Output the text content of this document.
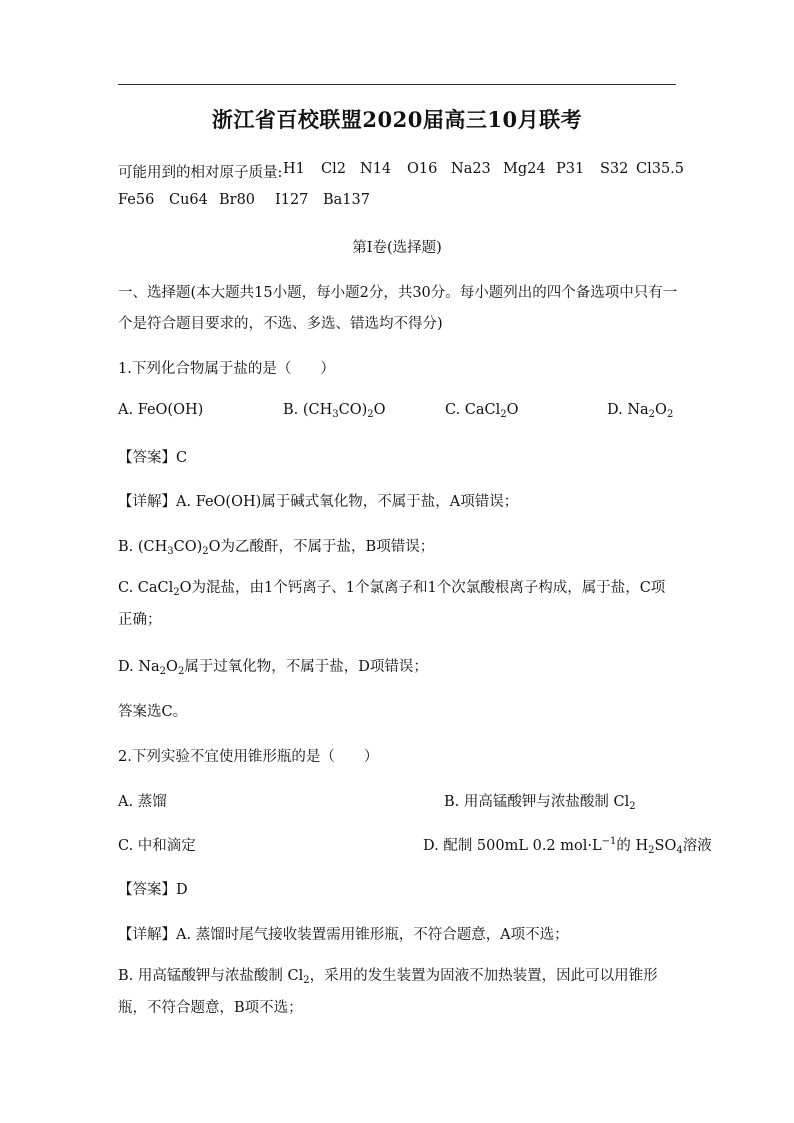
浙江省百校联盟2020届高三10月联考
可能用到的相对原子质量: H1 Cl2 N14 O16 Na23 Mg24 P31 S32 Cl35.5
Fe56 Cu64 Br80 I127 Ba137
第I卷(选择题)
一、选择题(本大题共15小题，每小题2分，共30分。每小题列出的四个备选项中只有一
个是符合题目要求的，不选、多选、错选均不得分)
1.下列化合物属于盐的是（　　）
A. FeO(OH)	B. $(CH_3CO)_2O$	C. CaCl$_2$O	D. $Na_2O_2$
【答案】C
【详解】A. FeO(OH)属于碱式氧化物，不属于盐，A项错误；
B. $(CH_3CO)_2O$为乙酸酐，不属于盐，B项错误；
C. CaCl$_2$O为混盐，由1个钙离子、1个氯离子和1个次氯酸根离子构成，属于盐，C项正确；
D. $Na_2O_2$属于过氧化物，不属于盐，D项错误；
答案选C。
2.下列实验不宜使用锥形瓶的是（　　）
A. 蒸馏	B. 用高锰酸钾与浓盐酸制 $Cl_2$
C. 中和滴定	D. 配制 500mL 0.2 $mol\cdot L^{-1}$的 $H_2SO_4$溶液
【答案】D
【详解】A. 蒸馏时尾气接收装置需用锥形瓶，不符合题意，A项不选；
B. 用高锰酸钾与浓盐酸制 $Cl_2$，采用的发生装置为固液不加热装置，因此可以用锥形瓶，不符合题意，B项不选；
